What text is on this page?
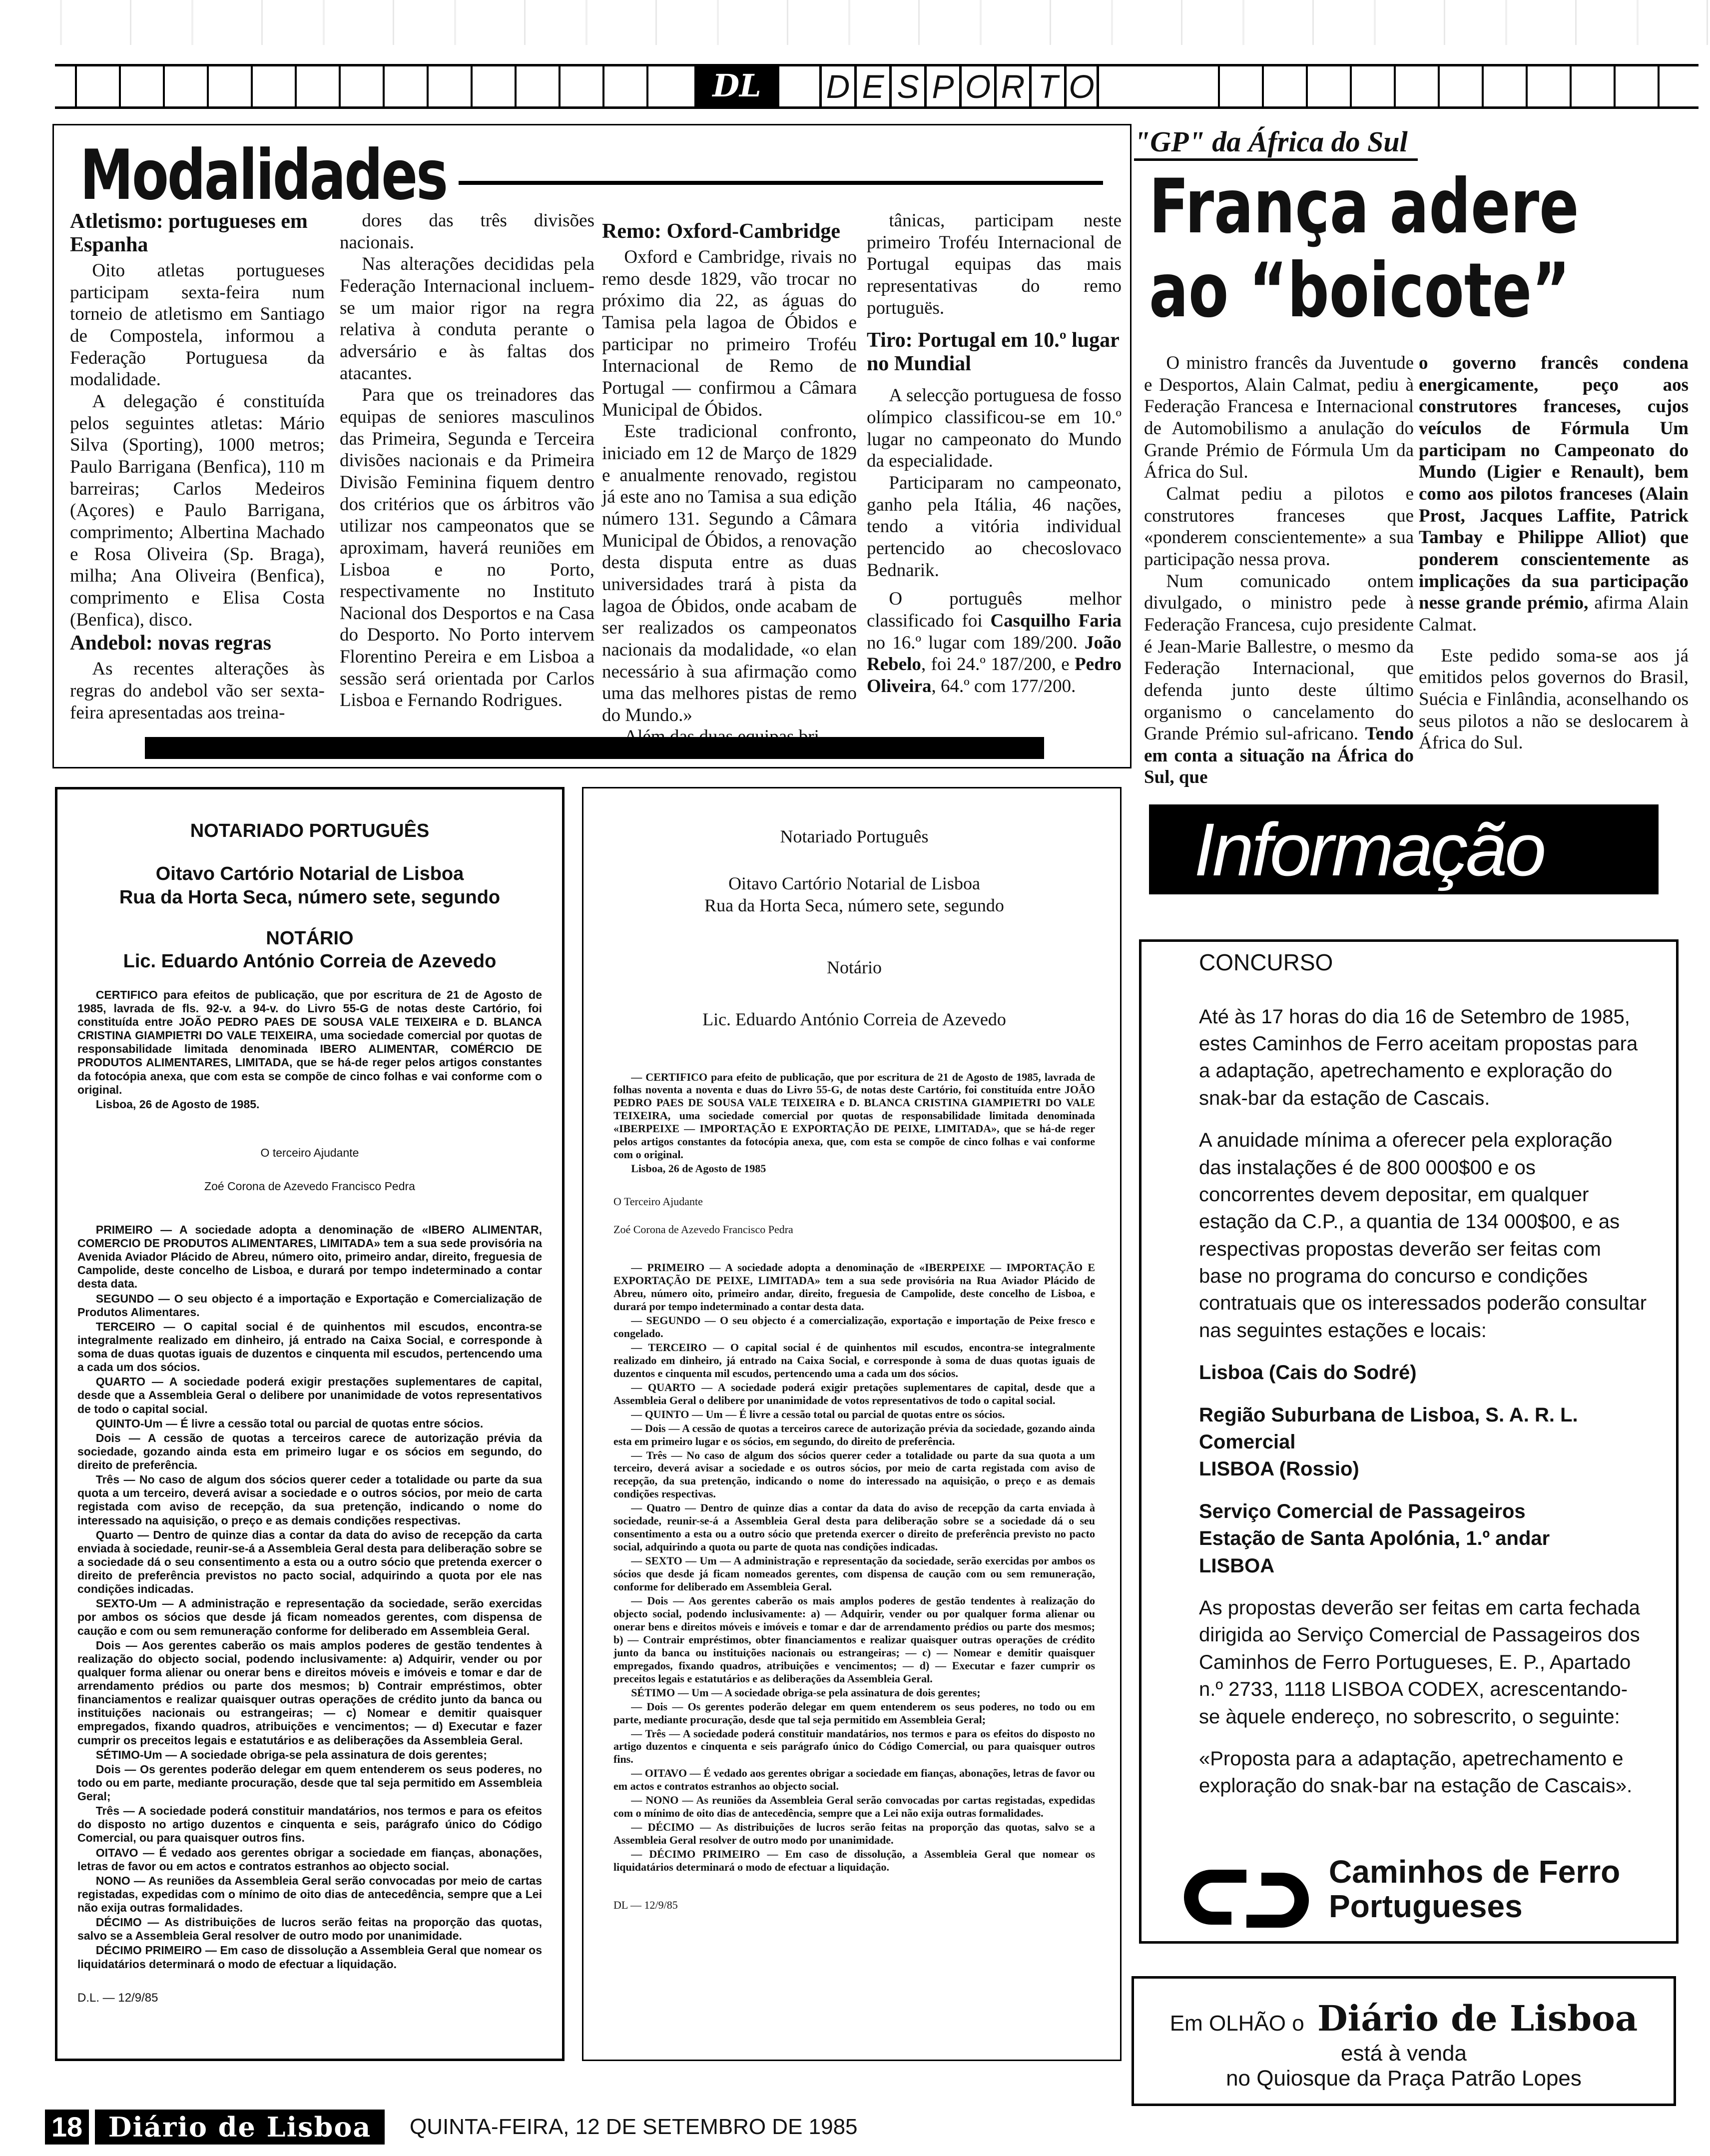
DL	D E S P O R T O
Modalidades
Atletismo: portugueses em Espanha

Oito atletas portugueses participam sexta-feira num torneio de atletismo em Santiago de Compostela, informou a Federação Portuguesa da modalidade.

A delegação é constituída pelos seguintes atletas: Mário Silva (Sporting), 1000 metros; Paulo Barrigana (Benfica), 110 m barreiras; Carlos Medeiros (Açores) e Paulo Barrigana, comprimento; Albertina Machado e Rosa Oliveira (Sp. Braga), milha; Ana Oliveira (Benfica), comprimento e Elisa Costa (Benfica), disco.

Andebol: novas regras

As recentes alterações às regras do andebol vão ser sexta-feira apresentadas aos treina-

dores das três divisões nacionais.

Nas alterações decididas pela Federação Internacional incluem-se um maior rigor na regra relativa à conduta perante o adversário e às faltas dos atacantes.

Para que os treinadores das equipas de seniores masculinos das Primeira, Segunda e Terceira divisões nacionais e da Primeira Divisão Feminina fiquem dentro dos critérios que os árbitros vão utilizar nos campeonatos que se aproximam, haverá reuniões em Lisboa e no Porto, respectivamente no Instituto Nacional dos Desportos e na Casa do Desporto. No Porto intervem Florentino Pereira e em Lisboa a sessão será orientada por Carlos Lisboa e Fernando Rodrigues.

Remo: Oxford-Cambridge

Oxford e Cambridge, rivais no remo desde 1829, vão trocar no próximo dia 22, as águas do Tamisa pela lagoa de Óbidos e participar no primeiro Troféu Internacional de Remo de Portugal — confirmou a Câmara Municipal de Óbidos.

Este tradicional confronto, iniciado em 12 de Março de 1829 e anualmente renovado, registou já este ano no Tamisa a sua edição número 131. Segundo a Câmara Municipal de Óbidos, a renovação desta disputa entre as duas universidades trará à pista da lagoa de Óbidos, onde acabam de ser realizados os campeonatos nacionais da modalidade, «o elan necessário à sua afirmação como uma das melhores pistas de remo do Mundo.»

tânicas, participam neste primeiro Troféu Internacional de Portugal equipas das mais representativas do remo portuguës.

Tiro: Portugal em 10.º lugar no Mundial

A selecção portuguesa de fosso olímpico classificou-se em 10.º lugar no campeonato do Mundo da especialidade.

Participaram no campeonato, ganho pela Itália, 46 nações, tendo a vitória individual pertencido ao checoslovaco Bednarik.

O português melhor classificado foi Casquilho Faria no 16.º lugar com 189/200. João Rebelo, foi 24.º 187/200, e Pedro Oliveira, 64.º com 177/200.

"GP" da África do Sul
França adere
ao “boicote”

O ministro francês da Juventude e Desportos, Alain Calmat, pediu à Federação Francesa e Internacional de Automobilismo a anulação do Grande Prémio de Fórmula Um da África do Sul.

Calmat pediu a pilotos e construtores franceses que «ponderem conscientemente» a sua participação nessa prova.

Num comunicado ontem divulgado, o ministro pede à Federação Francesa, cujo presidente é Jean-Marie Ballestre, o mesmo da Federação Internacional, que defenda junto deste último organismo o cancelamento do Grande Prémio sul-africano. Tendo em conta a situação na África do Sul, que

o governo francês condena energicamente, peço aos construtores franceses, cujos veículos de Fórmula Um participam no Campeonato do Mundo (Ligier e Renault), bem como aos pilotos franceses (Alain Prost, Jacques Laffite, Patrick Tambay e Philippe Alliot) que ponderem conscientemente as implicações da sua participação nesse grande prémio, afirma Alain Calmat.

Este pedido soma-se aos já emitidos pelos governos do Brasil, Suécia e Finlândia, aconselhando os seus pilotos a não se deslocarem à África do Sul.

NOTARIADO PORTUGUÊS
Oitavo Cartório Notarial de Lisboa
Rua da Horta Seca, número sete, segundo
NOTÁRIO
Lic. Eduardo António Correia de Azevedo

CERTIFICO para efeitos de publicação, que por escritura de 21 de Agosto de 1985, lavrada de fls. 92-v. a 94-v. do Livro 55-G de notas deste Cartório, foi constituída entre JOÃO PEDRO PAES DE SOUSA VALE TEIXEIRA e D. BLANCA CRISTINA GIAMPIETRI DO VALE TEIXEIRA, uma sociedade comercial por quotas de responsabilidade limitada denominada IBERO ALIMENTAR, COMÉRCIO DE PRODUTOS ALIMENTARES, LIMITADA, que se há-de reger pelos artigos constantes da fotocópia anexa, que com esta se compõe de cinco folhas e vai conforme com o original.

Lisboa, 26 de Agosto de 1985.

O terceiro Ajudante
Zoé Corona de Azevedo Francisco Pedra

PRIMEIRO — A sociedade adopta a denominação de «IBERO ALIMENTAR, COMERCIO DE PRODUTOS ALIMENTARES, LIMITADA» tem a sua sede provisória na Avenida Aviador Plácido de Abreu, número oito, primeiro andar, direito, freguesia de Campolide, deste concelho de Lisboa, e durará por tempo indeterminado a contar desta data.

SEGUNDO — O seu objecto é a importação e Exportação e Comercialização de Produtos Alimentares.

TERCEIRO — O capital social é de quinhentos mil escudos, encontra-se integralmente realizado em dinheiro, já entrado na Caixa Social, e corresponde à soma de duas quotas iguais de duzentos e cinquenta mil escudos, pertencendo uma a cada um dos sócios.

QUARTO — A sociedade poderá exigir prestações suplementares de capital, desde que a Assembleia Geral o delibere por unanimidade de votos representativos de todo o capital social.

QUINTO-Um — É livre a cessão total ou parcial de quotas entre sócios.

Dois — A cessão de quotas a terceiros carece de autorização prévia da sociedade, gozando ainda esta em primeiro lugar e os sócios em segundo, do direito de preferência.

Três — No caso de algum dos sócios querer ceder a totalidade ou parte da sua quota a um terceiro, deverá avisar a sociedade e o outros sócios, por meio de carta registada com aviso de recepção, da sua pretenção, indicando o nome do interessado na aquisição, o preço e as demais condições respectivas.

Quarto — Dentro de quinze dias a contar da data do aviso de recepção da carta enviada à sociedade, reunir-se-á a Assembleia Geral desta para deliberação sobre se a sociedade dá o seu consentimento a esta ou a outro sócio que pretenda exercer o direito de preferência previstos no pacto social, adquirindo a quota por ele nas condições indicadas.

SEXTO-Um — A administração e representação da sociedade, serão exercidas por ambos os sócios que desde já ficam nomeados gerentes, com dispensa de caução e com ou sem remuneração conforme for deliberado em Assembleia Geral.

Dois — Aos gerentes caberão os mais amplos poderes de gestão tendentes à realização do objecto social, podendo inclusivamente: a) Adquirir, vender ou por qualquer forma alienar ou onerar bens e direitos móveis e imóveis e tomar e dar de arrendamento prédios ou parte dos mesmos; b) Contrair empréstimos, obter financiamentos e realizar quaisquer outras operações de crédito junto da banca ou instituições nacionais ou estrangeiras; — c) Nomear e demitir quaisquer empregados, fixando quadros, atribuições e vencimentos; — d) Executar e fazer cumprir os preceitos legais e estatutários e as deliberações da Assembleia Geral.

SÉTIMO-Um — A sociedade obriga-se pela assinatura de dois gerentes;

Dois — Os gerentes poderão delegar em quem entenderem os seus poderes, no todo ou em parte, mediante procuração, desde que tal seja permitido em Assembleia Geral;

Três — A sociedade poderá constituir mandatários, nos termos e para os efeitos do disposto no artigo duzentos e cinquenta e seis, parágrafo único do Código Comercial, ou para quaisquer outros fins.

OITAVO — É vedado aos gerentes obrigar a sociedade em fianças, abonações, letras de favor ou em actos e contratos estranhos ao objecto social.

NONO — As reuniões da Assembleia Geral serão convocadas por meio de cartas registadas, expedidas com o mínimo de oito dias de antecedência, sempre que a Lei não exija outras formalidades.

DÉCIMO — As distribuições de lucros serão feitas na proporção das quotas, salvo se a Assembleia Geral resolver de outro modo por unanimidade.

DÉCIMO PRIMEIRO — Em caso de dissolução a Assembleia Geral que nomear os liquidatários determinará o modo de efectuar a liquidação.

D.L. — 12/9/85
Notariado Português
Oitavo Cartório Notarial de Lisboa
Rua da Horta Seca, número sete, segundo
Notário
Lic. Eduardo António Correia de Azevedo

— CERTIFICO para efeito de publicação, que por escritura de 21 de Agosto de 1985, lavrada de folhas noventa a noventa e duas do Livro 55-G, de notas deste Cartório, foi constituída entre JOÃO PEDRO PAES DE SOUSA VALE TEIXEIRA e D. BLANCA CRISTINA GIAMPIETRI DO VALE TEIXEIRA, uma sociedade comercial por quotas de responsabilidade limitada denominada «IBERPEIXE — IMPORTAÇÃO E EXPORTAÇÃO DE PEIXE, LIMITADA», que se há-de reger pelos artigos constantes da fotocópia anexa, que, com esta se compõe de cinco folhas e vai conforme com o original.

Lisboa, 26 de Agosto de 1985

O Terceiro Ajudante
Zoé Corona de Azevedo Francisco Pedra

— PRIMEIRO — A sociedade adopta a denominação de «IBERPEIXE — IMPORTAÇÃO E EXPORTAÇÃO DE PEIXE, LIMITADA» tem a sua sede provisória na Rua Aviador Plácido de Abreu, número oito, primeiro andar, direito, freguesia de Campolide, deste concelho de Lisboa, e durará por tempo indeterminado a contar desta data.

— SEGUNDO — O seu objecto é a comercialização, exportação e importação de Peixe fresco e congelado.

— TERCEIRO — O capital social é de quinhentos mil escudos, encontra-se integralmente realizado em dinheiro, já entrado na Caixa Social, e corresponde à soma de duas quotas iguais de duzentos e cinquenta mil escudos, pertencendo uma a cada um dos sócios.

— QUARTO — A sociedade poderá exigir pretações suplementares de capital, desde que a Assembleia Geral o delibere por unanimidade de votos representativos de todo o capital social.

— QUINTO — Um — É livre a cessão total ou parcial de quotas entre os sócios.

— Dois — A cessão de quotas a terceiros carece de autorização prévia da sociedade, gozando ainda esta em primeiro lugar e os sócios, em segundo, do direito de preferência.

— Três — No caso de algum dos sócios querer ceder a totalidade ou parte da sua quota a um terceiro, deverá avisar a sociedade e os outros sócios, por meio de carta registada com aviso de recepção, da sua pretenção, indicando o nome do interessado na aquisição, o preço e as demais condições respectivas.

— Quatro — Dentro de quinze dias a contar da data do aviso de recepção da carta enviada à sociedade, reunir-se-á a Assembleia Geral desta para deliberação sobre se a sociedade dá o seu consentimento a esta ou a outro sócio que pretenda exercer o direito de preferência previsto no pacto social, adquirindo a quota ou parte de quota nas condições indicadas.

— SEXTO — Um — A administração e representação da sociedade, serão exercidas por ambos os sócios que desde já ficam nomeados gerentes, com dispensa de caução com ou sem remuneração, conforme for deliberado em Assembleia Geral.

— Dois — Aos gerentes caberão os mais amplos poderes de gestão tendentes à realização do objecto social, podendo inclusivamente: a) — Adquirir, vender ou por qualquer forma alienar ou onerar bens e direitos móveis e imóveis e tomar e dar de arrendamento prédios ou parte dos mesmos; b) — Contrair empréstimos, obter financiamentos e realizar quaisquer outras operações de crédito junto da banca ou instituições nacionais ou estrangeiras; — c) — Nomear e demitir quaisquer empregados, fixando quadros, atribuições e vencimentos; — d) — Executar e fazer cumprir os preceitos legais e estatutários e as deliberações da Assembleia Geral.

SÉTIMO — Um — A sociedade obriga-se pela assinatura de dois gerentes;

— Dois — Os gerentes poderão delegar em quem entenderem os seus poderes, no todo ou em parte, mediante procuração, desde que tal seja permitido em Assembleia Geral;

— Três — A sociedade poderá constituir mandatários, nos termos e para os efeitos do disposto no artigo duzentos e cinquenta e seis parágrafo único do Código Comercial, ou para quaisquer outros fins.

— OITAVO — É vedado aos gerentes obrigar a sociedade em fianças, abonações, letras de favor ou em actos e contratos estranhos ao objecto social.

— NONO — As reuniões da Assembleia Geral serão convocadas por cartas registadas, expedidas com o mínimo de oito dias de antecedência, sempre que a Lei não exija outras formalidades.

— DÉCIMO — As distribuições de lucros serão feitas na proporção das quotas, salvo se a Assembleia Geral resolver de outro modo por unanimidade.

— DÉCIMO PRIMEIRO — Em caso de dissolução, a Assembleia Geral que nomear os liquidatários determinará o modo de efectuar a liquidação.

DL — 12/9/85
Informação
CONCURSO

Até às 17 horas do dia 16 de Setembro de 1985, estes Caminhos de Ferro aceitam propostas para a adaptação, apetrechamento e exploração do snak-bar da estação de Cascais.

A anuidade mínima a oferecer pela exploração das instalações é de 800 000$00 e os concorrentes devem depositar, em qualquer estação da C.P., a quantia de 134 000$00, e as respectivas propostas deverão ser feitas com base no programa do concurso e condições contratuais que os interessados poderão consultar nas seguintes estações e locais:

Lisboa (Cais do Sodré)
Região Suburbana de Lisboa, S. A. R. L.
Comercial
LISBOA (Rossio)
Serviço Comercial de Passageiros
Estação de Santa Apolónia, 1.º andar
LISBOA

As propostas deverão ser feitas em carta fechada dirigida ao Serviço Comercial de Passageiros dos Caminhos de Ferro Portugueses, E. P., Apartado n.º 2733, 1118 LISBOA CODEX, acrescentando-se àquele endereço, no sobrescrito, o seguinte:

«Proposta para a adaptação, apetrechamento e exploração do snak-bar na estação de Cascais».

Caminhos de Ferro
Portugueses
Em OLHÃO o Diário de Lisboa
está à venda
no Quiosque da Praça Patrão Lopes
18 Diário de Lisboa	QUINTA-FEIRA, 12 DE SETEMBRO DE 1985
